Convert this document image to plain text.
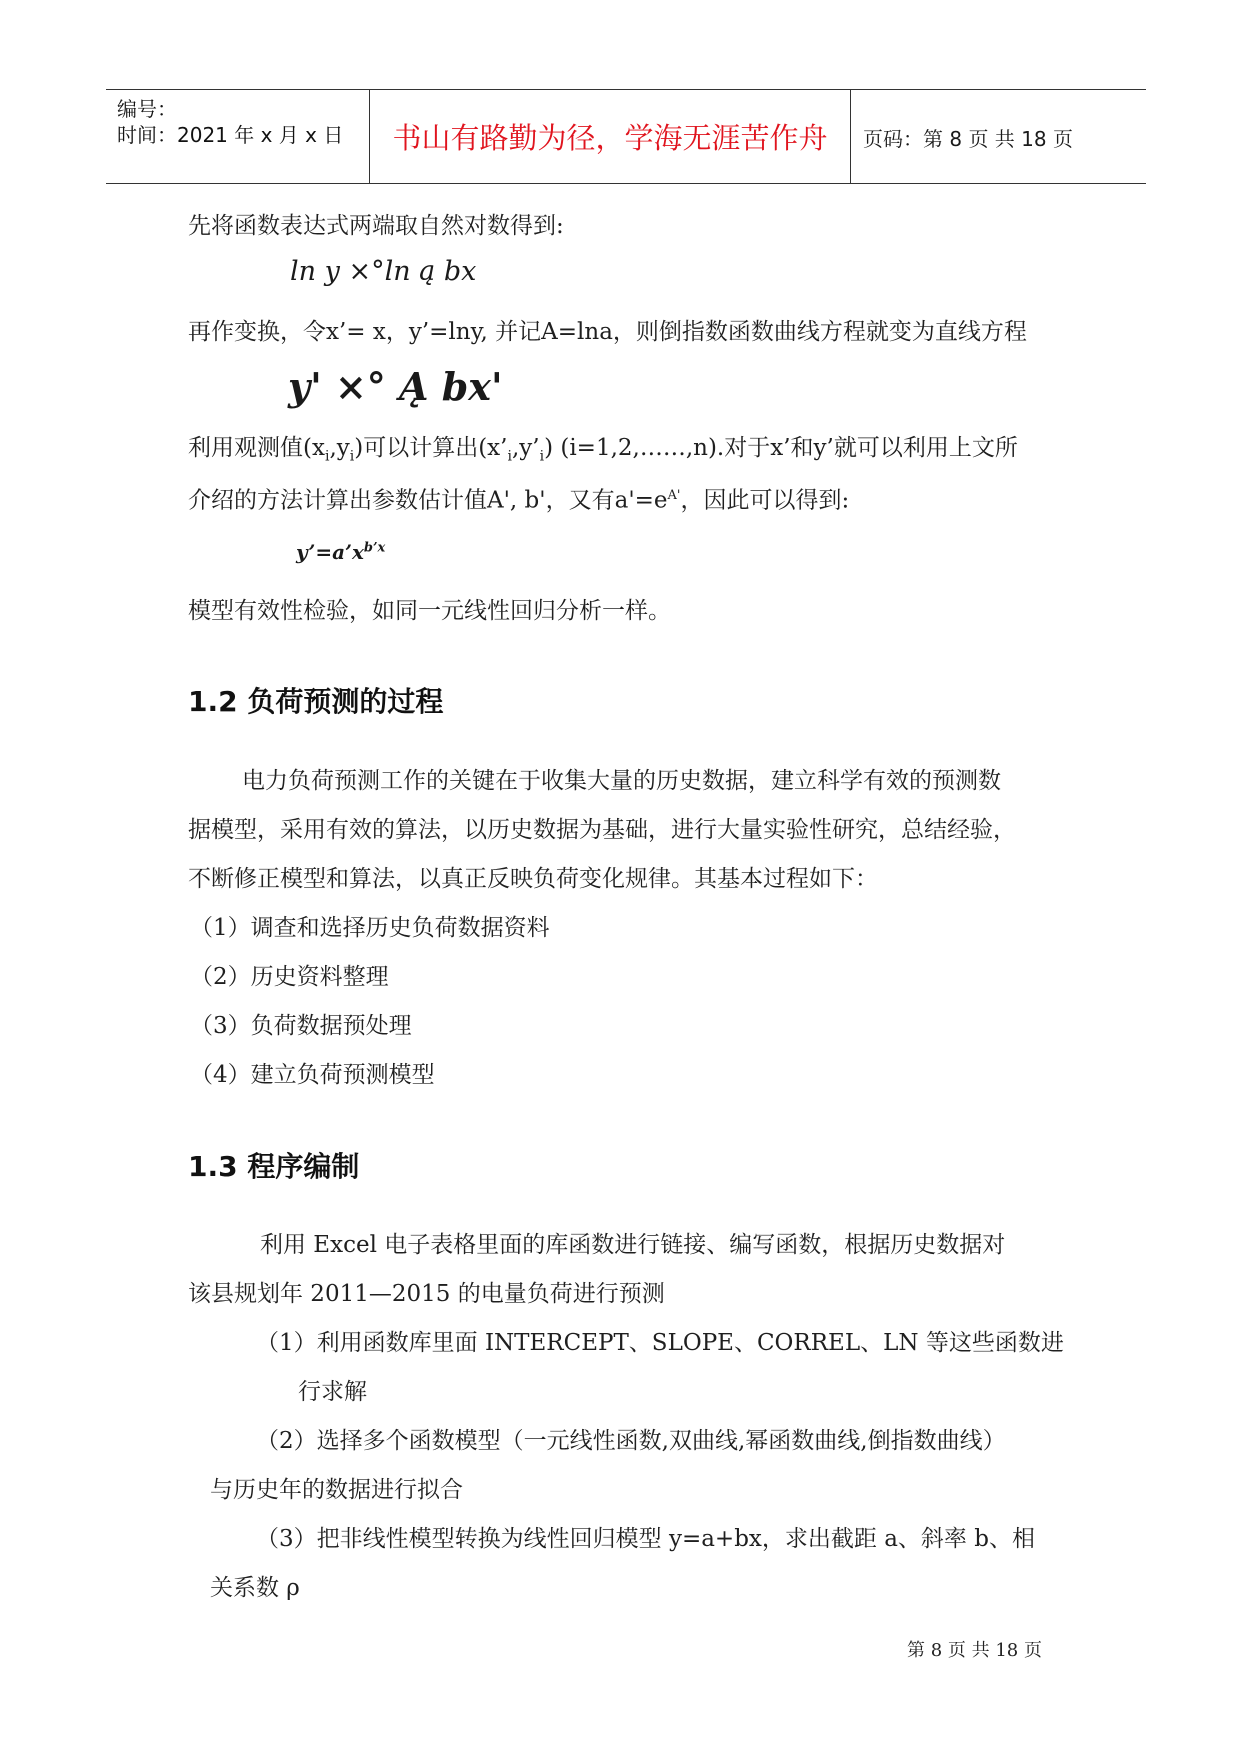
编号：
时间：2021 年 x 月 x 日	书山有路勤为径，学海无涯苦作舟	页码：第 8 页 共 18 页
先将函数表达式两端取自然对数得到:
ln y ×°ln ą bx
再作变换，令x’= x，y’=lny, 并记A=lna，则倒指数函数曲线方程就变为直线方程
y' ×° Ą bx'
利用观测值$(x_i,y_i)$可以计算出$(x’_i,y’_i)$ (i=1,2,……,n).对于x’和y’就可以利用上文所
介绍的方法计算出参数估计值A', b'，又有$a'=e^{A'}$，因此可以得到:
$y’=a’x^{b’x}$
模型有效性检验，如同一元线性回归分析一样。
1.2 负荷预测的过程
电力负荷预测工作的关键在于收集大量的历史数据，建立科学有效的预测数
据模型，采用有效的算法，以历史数据为基础，进行大量实验性研究，总结经验，
不断修正模型和算法，以真正反映负荷变化规律。其基本过程如下：
（1）调查和选择历史负荷数据资料
（2）历史资料整理
（3）负荷数据预处理
（4）建立负荷预测模型
1.3 程序编制
利用 Excel 电子表格里面的库函数进行链接、编写函数，根据历史数据对
该县规划年 2011—2015 的电量负荷进行预测
（1）利用函数库里面 INTERCEPT、SLOPE、CORREL、LN 等这些函数进
行求解
（2）选择多个函数模型（一元线性函数,双曲线,幂函数曲线,倒指数曲线）
与历史年的数据进行拟合
（3）把非线性模型转换为线性回归模型 y=a+bx，求出截距 a、斜率 b、相
关系数 ρ
第 8 页 共 18 页
